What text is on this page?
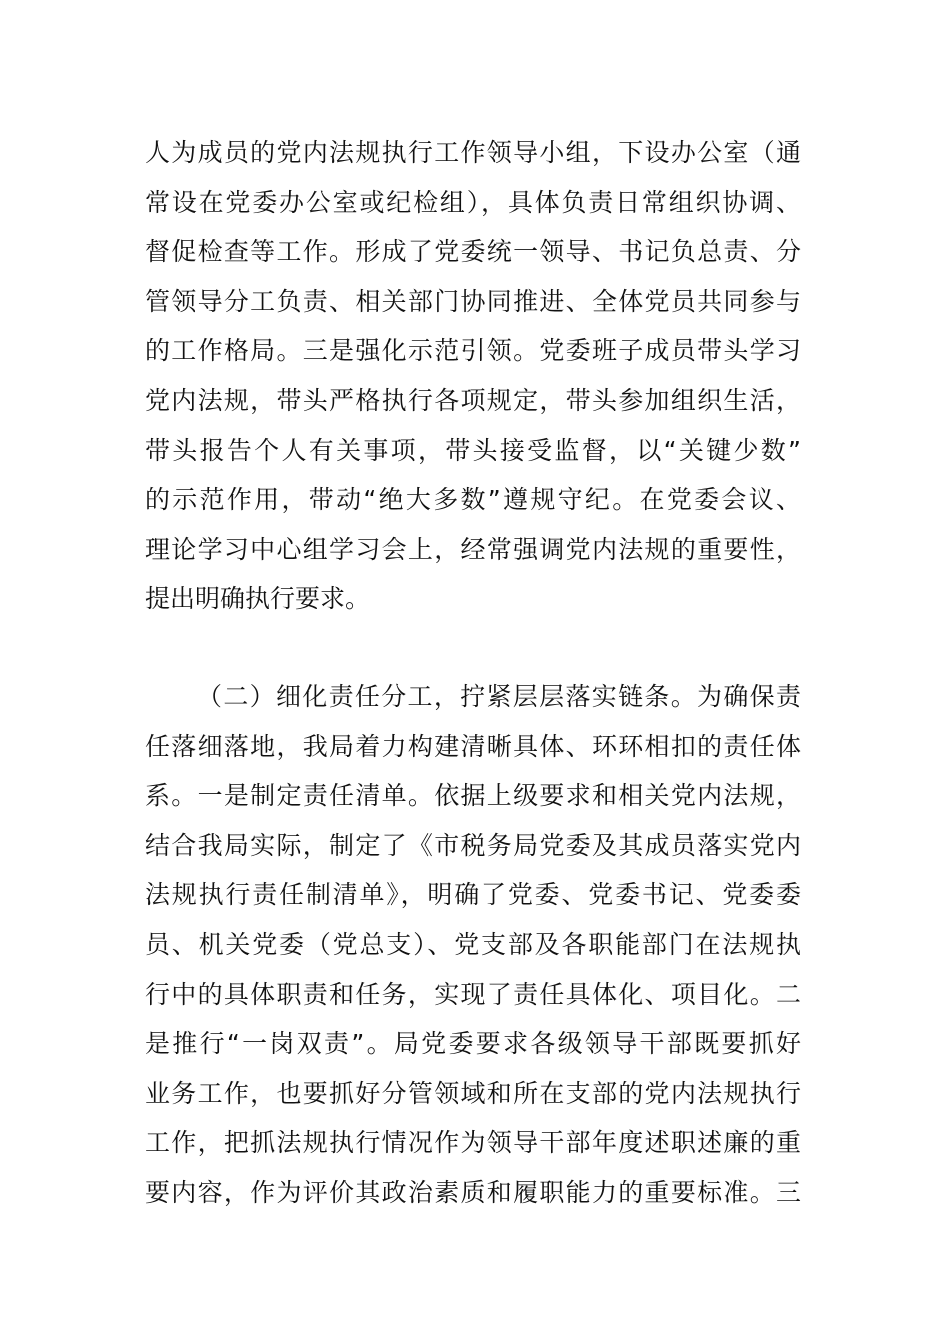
人为成员的党内法规执行工作领导小组，下设办公室（通
常设在党委办公室或纪检组），具体负责日常组织协调、
督促检查等工作。形成了党委统一领导、书记负总责、分
管领导分工负责、相关部门协同推进、全体党员共同参与
的工作格局。三是强化示范引领。党委班子成员带头学习
党内法规，带头严格执行各项规定，带头参加组织生活，
带头报告个人有关事项，带头接受监督，以“关键少数”
的示范作用，带动“绝大多数”遵规守纪。在党委会议、
理论学习中心组学习会上，经常强调党内法规的重要性，
提出明确执行要求。
（二）细化责任分工，拧紧层层落实链条。为确保责
任落细落地，我局着力构建清晰具体、环环相扣的责任体
系。一是制定责任清单。依据上级要求和相关党内法规，
结合我局实际，制定了《市税务局党委及其成员落实党内
法规执行责任制清单》，明确了党委、党委书记、党委委
员、机关党委（党总支）、党支部及各职能部门在法规执
行中的具体职责和任务，实现了责任具体化、项目化。二
是推行“一岗双责”。局党委要求各级领导干部既要抓好
业务工作，也要抓好分管领域和所在支部的党内法规执行
工作，把抓法规执行情况作为领导干部年度述职述廉的重
要内容，作为评价其政治素质和履职能力的重要标准。三
